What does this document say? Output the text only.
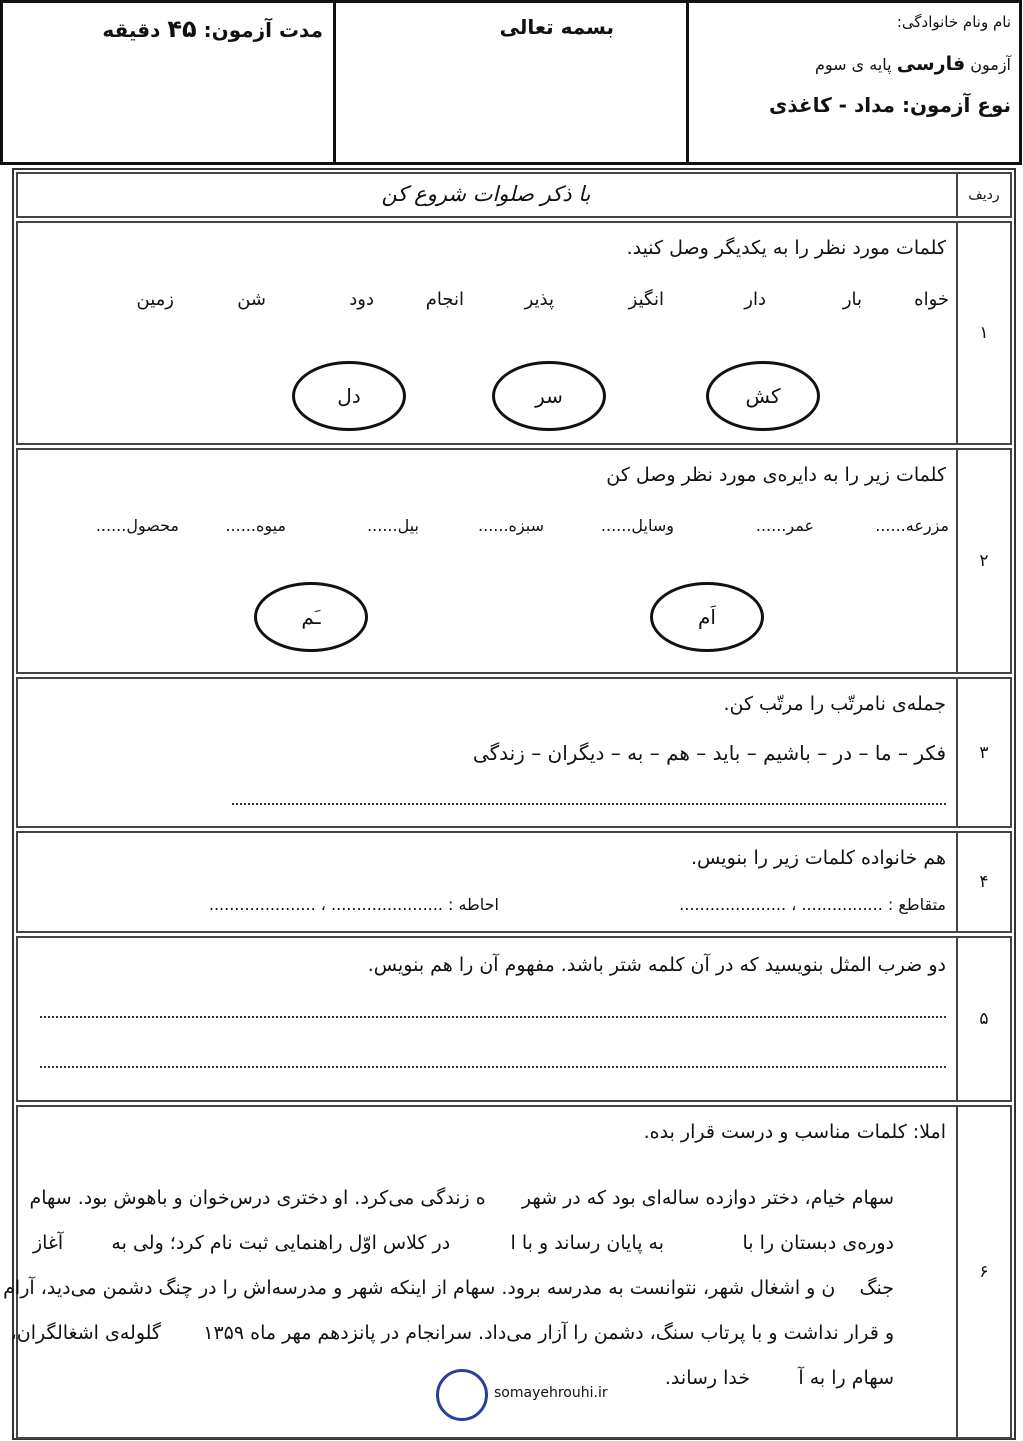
نام ونام خانوادگی:
آزمون فارسی پایه ی سوم
نوع آزمون: مداد - کاغذی
بسمه تعالی
مدت آزمون: ۴۵ دقیقه
ردیف
با ذکر صلوات شروع کن
۱
کلمات مورد نظر را به یکدیگر وصل کنید.
خواه
بار
دار
انگیز
پذیر
انجام
دود
شن
زمین
کش
سر
دل
۲
کلمات زیر را به دایره‌ی مورد نظر وصل کن
مزرعه......
عمر......
وسایل......
سبزه......
بیل......
میوه......
محصول......
اَم
ـَم
۳
جمله‌ی نامرتّب را مرتّب کن.
فکر – ما – در – باشیم – باید – هم – به – دیگران – زندگی
۴
هم خانواده کلمات زیر را بنویس.
متقاطع : ................ ، .....................
احاطه : ...................... ، .....................
۵
دو ضرب المثل بنویسید که در آن کلمه شتر باشد. مفهوم آن را هم بنویس.
۶
املا: کلمات مناسب و درست قرار بده.
سهام خیام، دختر دوازده ساله‌ای بود که در شهر      ه زندگی می‌کرد. او دختری درس‌خوان و باهوش بود. سهام
دوره‌ی دبستان را با             به پایان رساند و با ا          در کلاس اوّل راهنمایی ثبت نام کرد؛ ولی به        آغاز
جنگ    ن و اشغال شهر، نتوانست به مدرسه برود. سهام از اینکه شهر و مدرسه‌اش را در چنگ دشمن می‌دید، آرام
و قرار نداشت و با پرتاب سنگ، دشمن را آزار می‌داد. سرانجام در پانزدهم مهر ماه ۱۳۵۹       گلوله‌ی اشغالگران،
سهام را به آ        خدا رساند.
somayehrouhi.ir
